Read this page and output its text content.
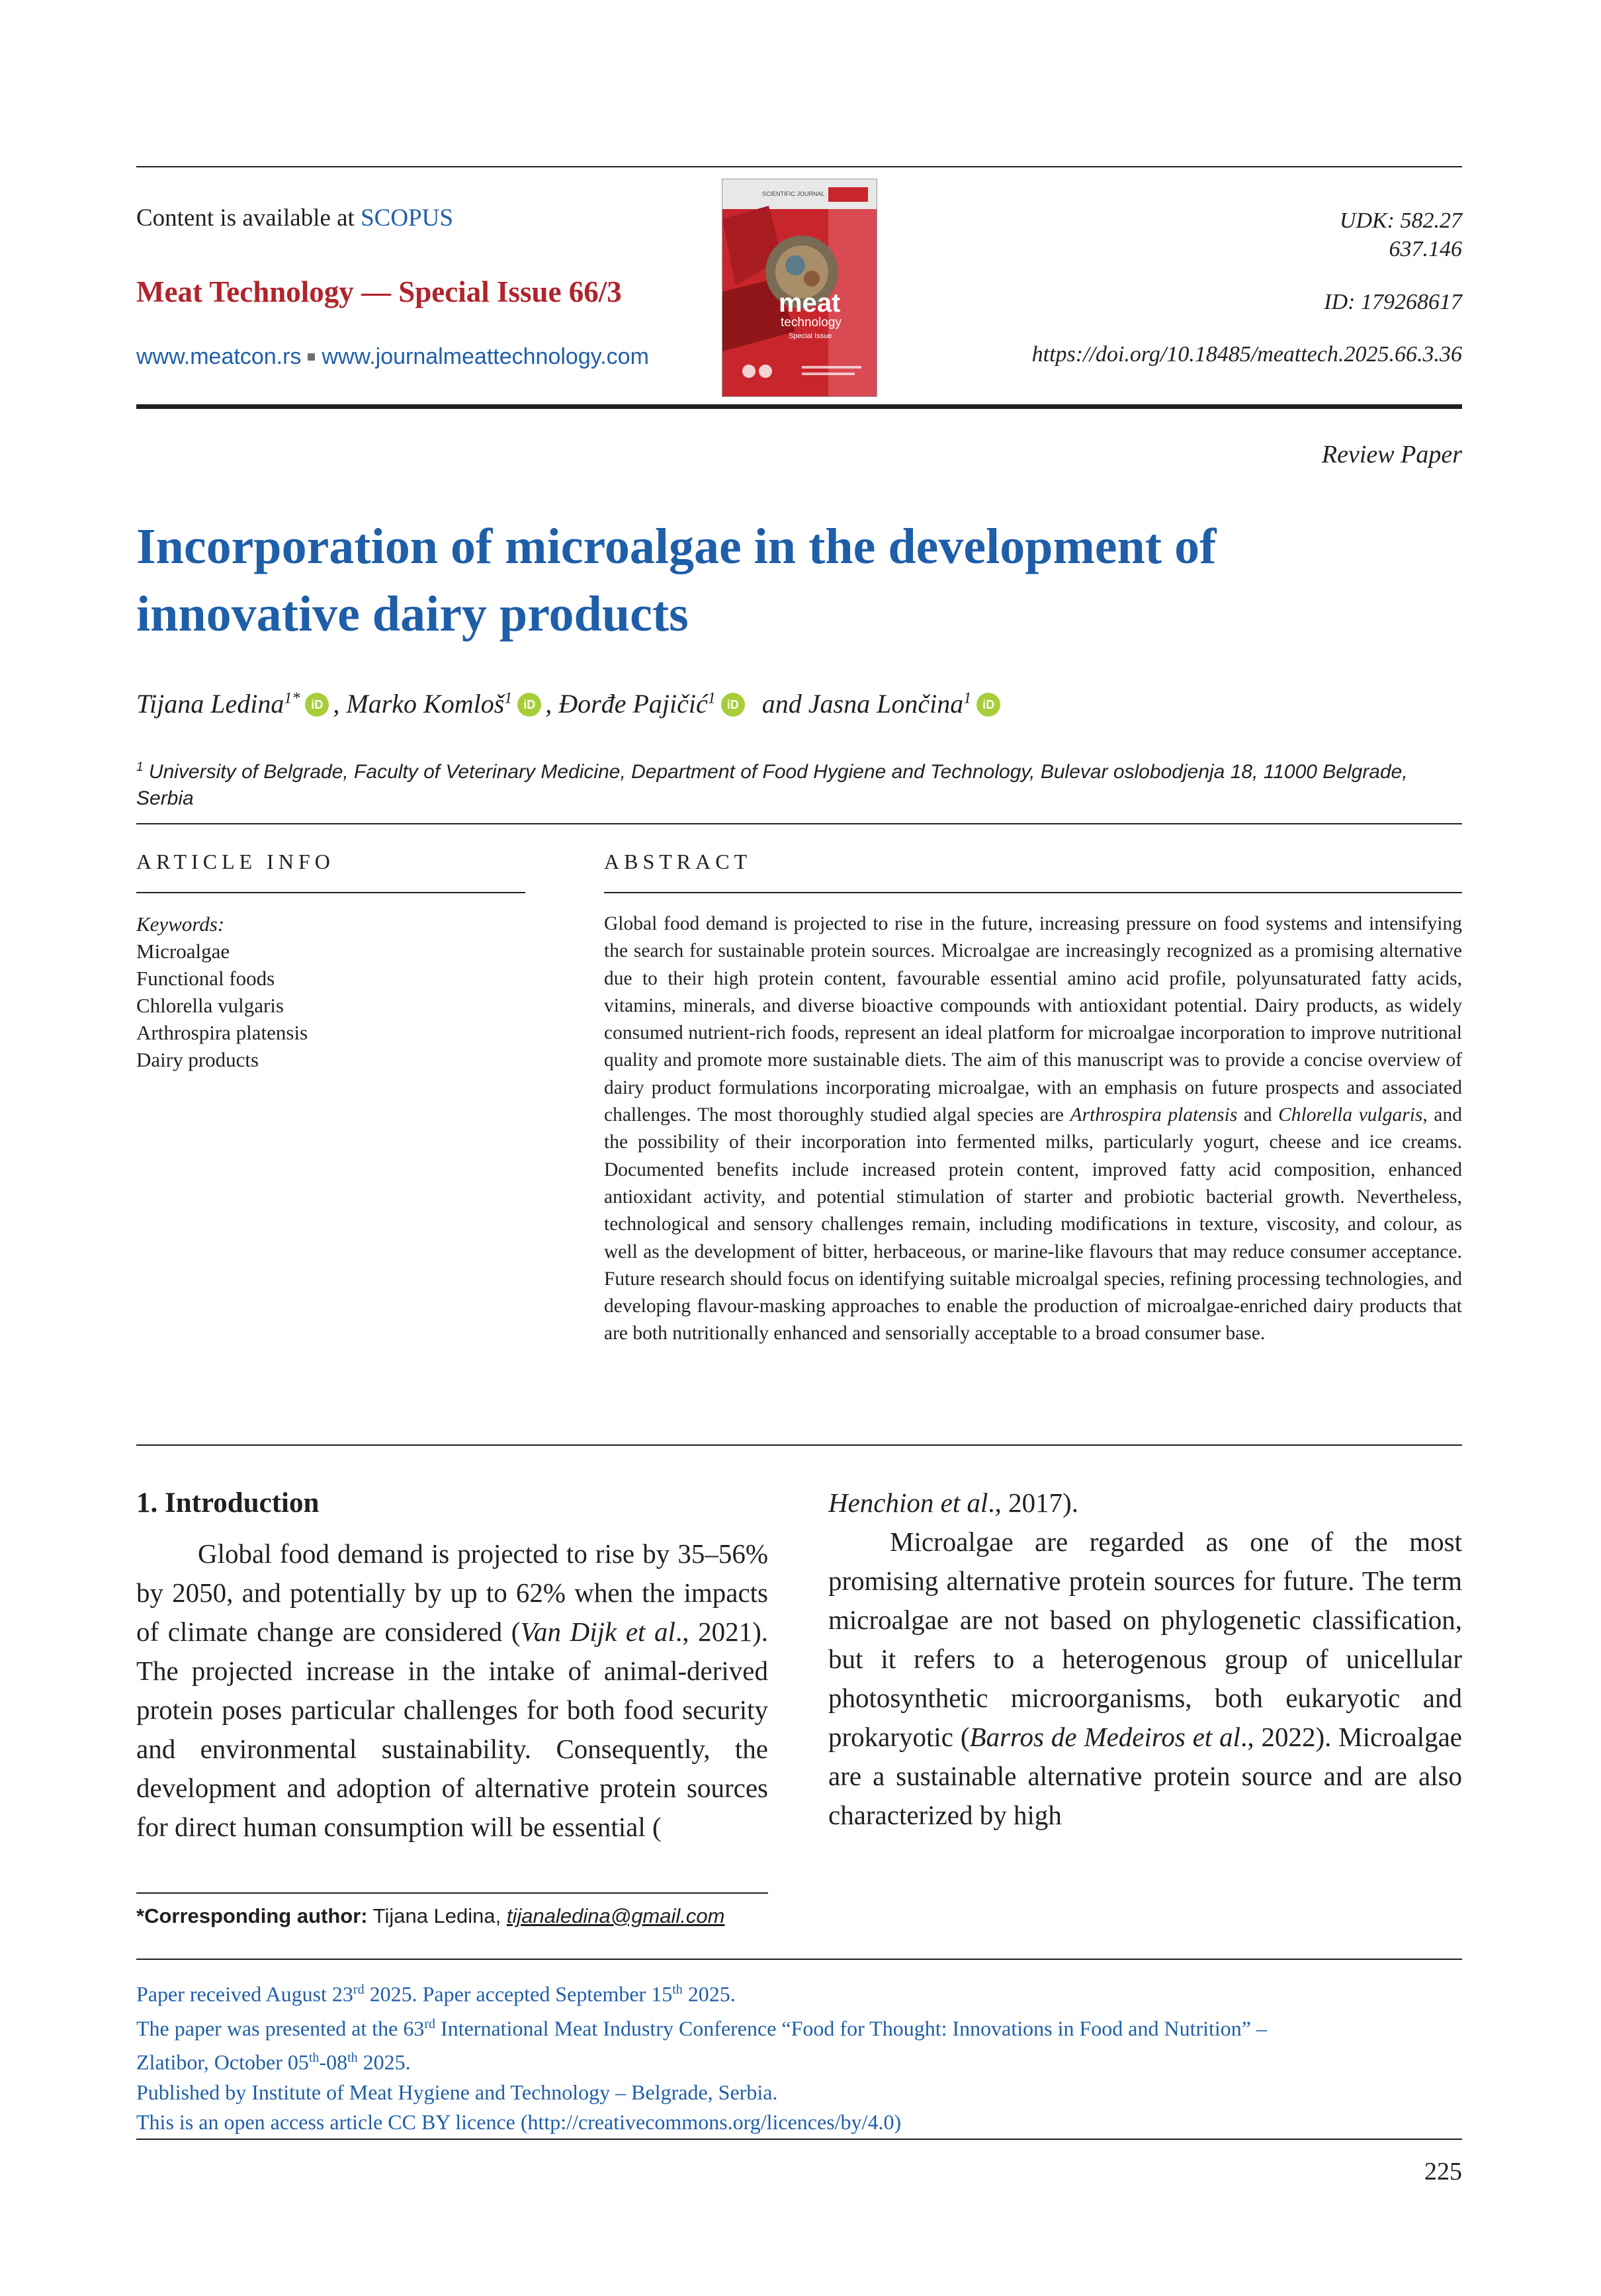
Content is available at SCOPUS
Meat Technology — Special Issue 66/3
www.meatcon.rs www.journalmeattechnology.com
SCIENTIFIC JOURNAL
meat
technology
Special Issue
UDK: 582.27
637.146
ID: 179268617
https://doi.org/10.18485/meattech.2025.66.3.36
Review Paper
Incorporation of microalgae in the development of
innovative dairy products
Tijana Ledina$^{1*}$ iD , Marko Komloš$^1$ iD , Đorđe Pajičić$^1$ iD and Jasna Lončina$^1$ iD
$^1$ University of Belgrade, Faculty of Veterinary Medicine, Department of Food Hygiene and Technology, Bulevar oslobodjenja 18, 11000 Belgrade, Serbia
ARTICLE INFO
Keywords:
Microalgae
Functional foods
Chlorella vulgaris
Arthrospira platensis
Dairy products
ABSTRACT
Global food demand is projected to rise in the future, increasing pressure on food systems and intensifying the search for sustainable protein sources. Microalgae are increasingly recognized as a promising alternative due to their high protein content, favourable essential amino acid profile, polyunsaturated fatty acids, vitamins, minerals, and diverse bioactive compounds with antioxidant potential. Dairy products, as widely consumed nutrient-rich foods, represent an ideal platform for microalgae incorporation to improve nutritional quality and promote more sustainable diets. The aim of this manuscript was to provide a concise overview of dairy product formulations incorporating microalgae, with an emphasis on future prospects and associated challenges. The most thoroughly studied algal species are Arthrospira platensis and Chlorella vulgaris, and the possibility of their incorporation into fermented milks, particularly yogurt, cheese and ice creams. Documented benefits include increased protein content, improved fatty acid composition, enhanced antioxidant activity, and potential stimulation of starter and probiotic bacterial growth. Nevertheless, technological and sensory challenges remain, including modifications in texture, viscosity, and colour, as well as the development of bitter, herbaceous, or marine-like flavours that may reduce consumer acceptance. Future research should focus on identifying suitable microalgal species, refining processing technologies, and developing flavour-masking approaches to enable the production of microalgae-enriched dairy products that are both nutritionally enhanced and sensorially acceptable to a broad consumer base.

1. Introduction

Global food demand is projected to rise by 35–56% by 2050, and potentially by up to 62% when the impacts of climate change are considered (Van Dijk et al., 2021). The projected increase in the intake of animal-derived protein poses particular challenges for both food security and environmental sustainability. Consequently, the development and adoption of alternative protein sources for direct human consumption will be essential (

Henchion et al., 2017).

Microalgae are regarded as one of the most promising alternative protein sources for future. The term microalgae are not based on phylogenetic classification, but it refers to a heterogenous group of unicellular photosynthetic microorganisms, both eukaryotic and prokaryotic (Barros de Medeiros et al., 2022). Microalgae are a sustainable alternative protein source and are also characterized by high

*Corresponding author: Tijana Ledina, tijanaledina@gmail.com
Paper received August 23rd 2025. Paper accepted September 15th 2025.
The paper was presented at the 63rd International Meat Industry Conference “Food for Thought: Innovations in Food and Nutrition” –
Zlatibor, October 05th-08th 2025.
Published by Institute of Meat Hygiene and Technology – Belgrade, Serbia.
This is an open access article CC BY licence (http://creativecommons.org/licences/by/4.0)
225
